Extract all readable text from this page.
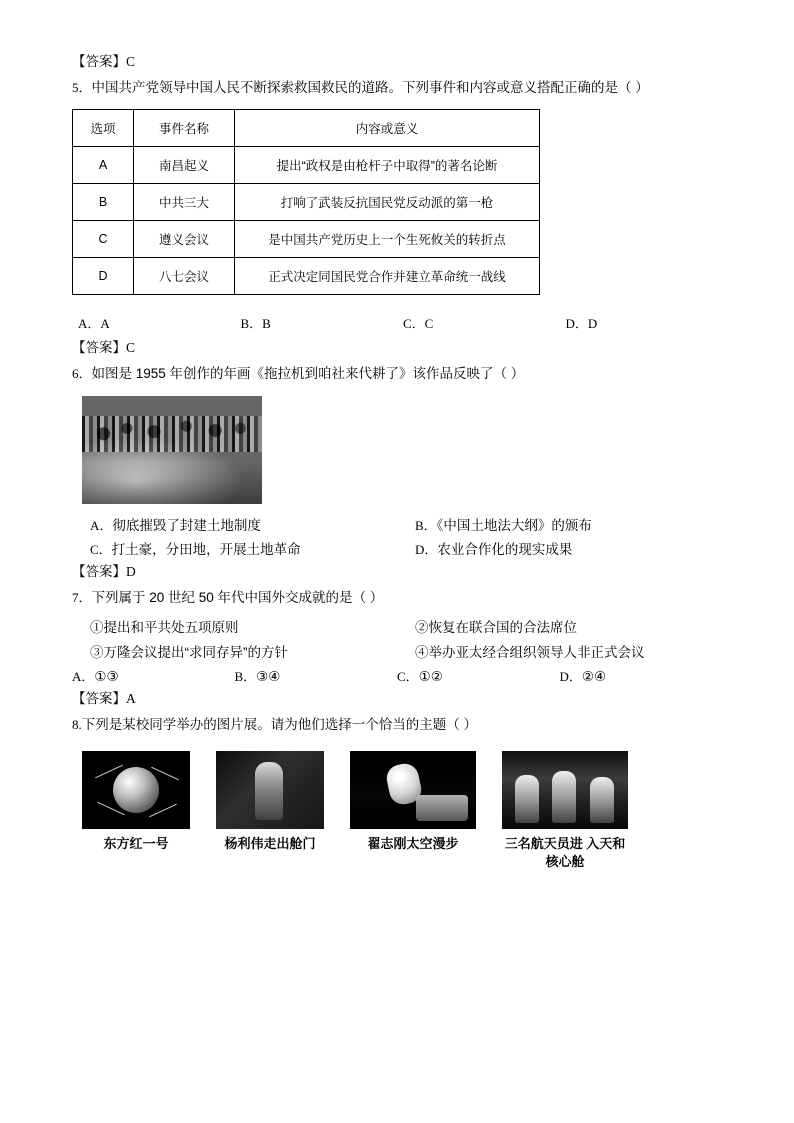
【答案】C

5．中国共产党领导中国人民不断探索救国救民的道路。下列事件和内容或意义搭配正确的是（ ）

选项	事件名称	内容或意义
A	南昌起义	提出“政权是由枪杆子中取得”的著名论断
B	中共三大	打响了武装反抗国民党反动派的第一枪
C	遵义会议	是中国共产党历史上一个生死攸关的转折点
D	八七会议	正式决定同国民党合作并建立革命统一战线
A．A	B．B	C．C	D．D

【答案】C

6．如图是 1955 年创作的年画《拖拉机到咱社来代耕了》该作品反映了（ ）

A．彻底摧毁了封建土地制度	B．《中国土地法大纲》的颁布
C．打土豪，分田地，开展土地革命	D．农业合作化的现实成果

【答案】D

7．下列属于 20 世纪 50 年代中国外交成就的是（ ）

①提出和平共处五项原则	②恢复在联合国的合法席位
③万隆会议提出“求同存异”的方针	④举办亚太经合组织领导人非正式会议
A．①③	B．③④	C．①②	D．②④

【答案】A

8.下列是某校同学举办的图片展。请为他们选择一个恰当的主题（ ）

东方红一号	杨利伟走出舱门	翟志刚太空漫步	三名航天员进 入天和核心舱
